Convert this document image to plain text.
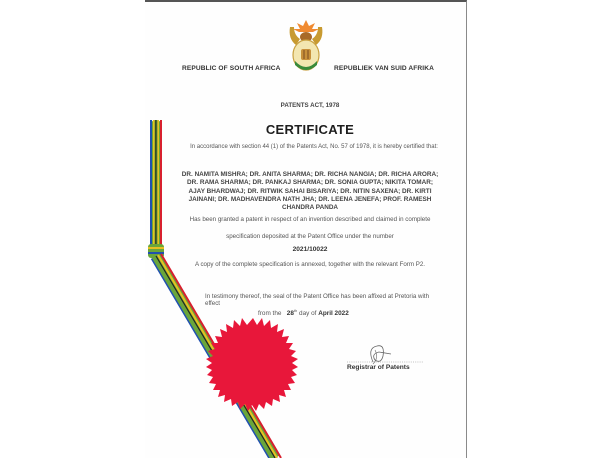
REPUBLIC OF SOUTH AFRICA	REPUBLIEK VAN SUID AFRIKA
PATENTS ACT, 1978
CERTIFICATE
In accordance with section 44 (1) of the Patents Act, No. 57 of 1978, it is hereby certified that:
DR. NAMITA MISHRA; DR. ANITA SHARMA; DR. RICHA NANGIA; DR. RICHA ARORA; DR. RAMA SHARMA; DR. PANKAJ SHARMA; DR. SONIA GUPTA; NIKITA TOMAR; AJAY BHARDWAJ; DR. RITWIK SAHAI BISARIYA; DR. NITIN SAXENA; DR. KIRTI JAINANI; DR. MADHAVENDRA NATH JHA; DR. LEENA JENEFA; PROF. RAMESH CHANDRA PANDA
Has been granted a patent in respect of an invention described and claimed in complete
specification deposited at the Patent Office under the number
2021/10022
A copy of the complete specification is annexed, together with the relevant Form P2.
In testimony thereof, the seal of the Patent Office has been affixed at Pretoria with effect
from the 28th day of April 2022
Registrar of Patents
